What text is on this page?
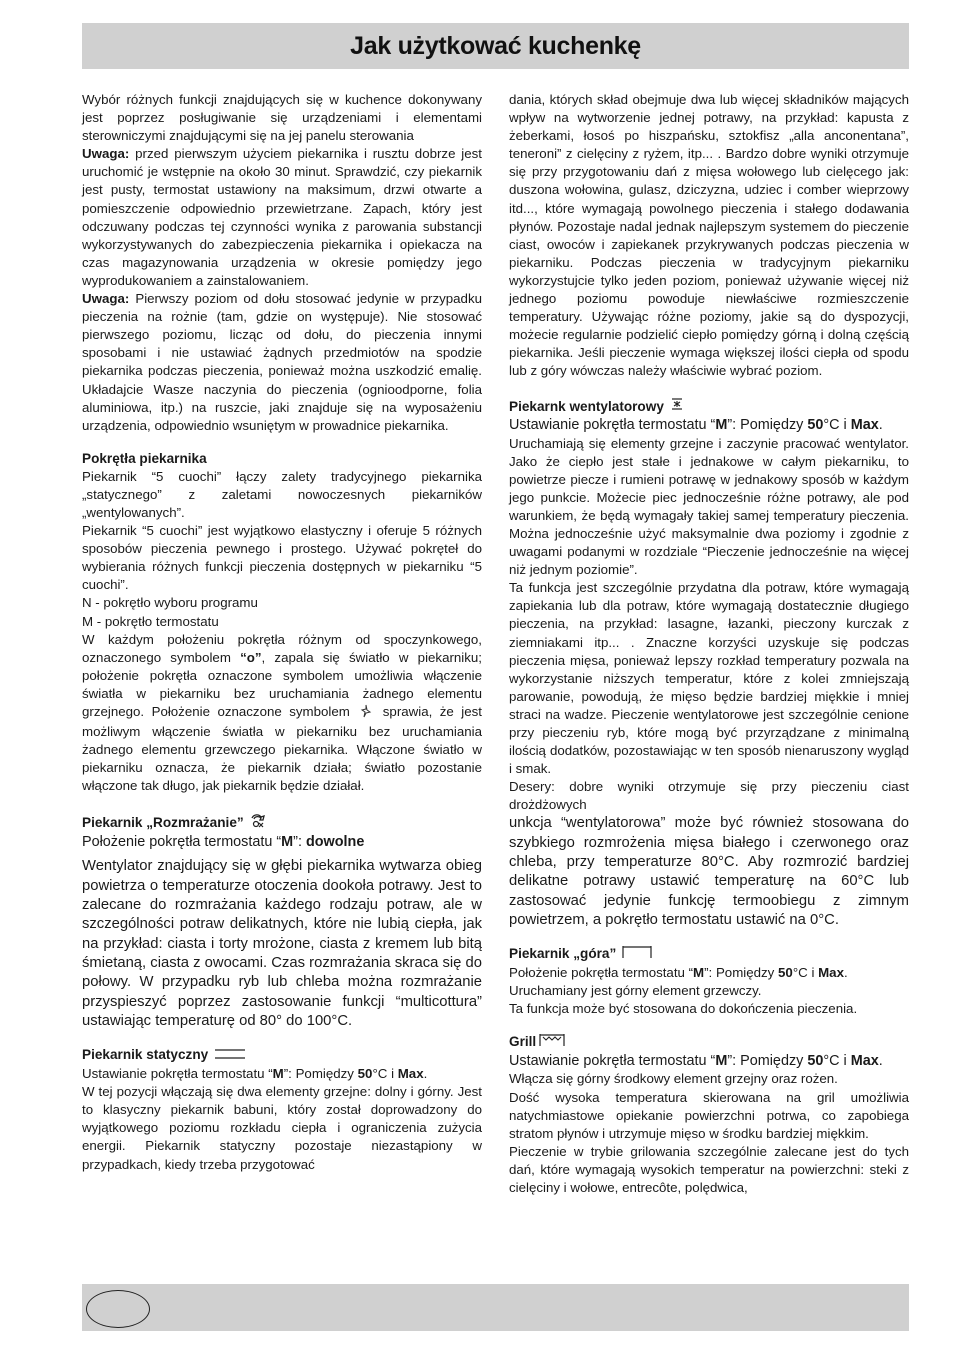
Jak użytkować kuchenkę

Wybór różnych funkcji znajdujących się w kuchence dokonywany jest poprzez posługiwanie się urządzeniami i elementami sterowniczymi znajdującymi się na jej panelu sterowania

Uwaga: przed pierwszym użyciem piekarnika i rusztu dobrze jest uruchomić je wstępnie na około 30 minut. Sprawdzić, czy piekarnik jest pusty, termostat ustawiony na maksimum, drzwi otwarte a pomieszczenie odpowiednio przewietrzane. Zapach, który jest odczuwany podczas tej czynności wynika z parowania substancji wykorzystywanych do zabezpieczenia piekarnika i opiekacza na czas magazynowania urządzenia w okresie pomiędzy jego wyprodukowaniem a zainstalowaniem.

Uwaga: Pierwszy poziom od dołu stosować jedynie w przypadku pieczenia na rożnie (tam, gdzie on występuje). Nie stosować pierwszego poziomu, licząc od dołu, do pieczenia innymi sposobami i nie ustawiać żądnych przedmiotów na spodzie piekarnika podczas pieczenia, ponieważ można uszkodzić emalię. Układajcie Wasze naczynia do pieczenia (ognioodporne, folia aluminiowa, itp.) na ruszcie, jaki znajduje się na wyposażeniu urządzenia, odpowiednio wsuniętym w prowadnice piekarnika.

Pokrętła piekarnika

Piekarnik “5 cuochi” łączy zalety tradycyjnego piekarnika „statycznego” z zaletami nowoczesnych piekarników „wentylowanych”.

Piekarnik “5 cuochi” jest wyjątkowo elastyczny i oferuje 5 różnych sposobów pieczenia pewnego i prostego. Używać pokręteł do wybierania różnych funkcji pieczenia dostępnych w piekarniku “5 cuochi”.

N - pokrętło wyboru programu

M - pokrętło termostatu

W każdym położeniu pokrętła różnym od spoczynkowego, oznaczonego symbolem “o”, zapala się światło w piekarniku; położenie pokrętła oznaczone symbolem umożliwia włączenie światła w piekarniku bez uruchamiania żadnego elementu grzejnego. Położenie oznaczone symbolem  sprawia, że jest możliwym włączenie światła w piekarniku bez uruchamiania żadnego elementu grzewczego piekarnika. Włączone światło w piekarniku oznacza, że piekarnik działa; światło pozostanie włączone tak długo, jak piekarnik będzie działał.

Piekarnik „Rozmrażanie”

Położenie pokrętła termostatu “M”: dowolne

Wentylator znajdujący się w głębi piekarnika wytwarza obieg powietrza o temperaturze otoczenia dookoła potrawy. Jest to zalecane do rozmrażania każdego rodzaju potraw, ale w szczególności potraw delikatnych, które nie lubią ciepła, jak na przykład: ciasta i torty mrożone, ciasta z kremem lub bitą śmietaną, ciasta z owocami. Czas rozmrażania skraca się do połowy. W przypadku ryb lub chleba można rozmrażanie przyspieszyć poprzez zastosowanie funkcji “multicottura” ustawiając temperaturę od 80° do 100°C.

Piekarnik statyczny

Ustawianie pokrętła termostatu “M”: Pomiędzy 50°C i Max.

W tej pozycji włączają się dwa elementy grzejne: dolny i górny. Jest to klasyczny piekarnik babuni, który został doprowadzony do wyjątkowego poziomu rozkładu ciepła i ograniczenia zużycia energii. Piekarnik statyczny pozostaje niezastąpiony w przypadkach, kiedy trzeba przygotować

dania, których skład obejmuje dwa lub więcej składników mających wpływ na wytworzenie jednej potrawy, na przykład: kapusta z żeberkami, łosoś po hiszpańsku, sztokfisz „alla anconentana”, teneroni” z cielęciny z ryżem, itp... . Bardzo dobre wyniki otrzymuje się przy przygotowaniu dań z mięsa wołowego lub cielęcego jak: duszona wołowina, gulasz, dziczyzna, udziec i comber wieprzowy itd..., które wymagają powolnego pieczenia i stałego dodawania płynów. Pozostaje nadal jednak najlepszym systemem do pieczenie ciast, owoców i zapiekanek przykrywanych podczas pieczenia w piekarniku. Podczas pieczenia w tradycyjnym piekarniku wykorzystujcie tylko jeden poziom, ponieważ używanie więcej niż jednego poziomu powoduje niewłaściwe rozmieszczenie temperatury. Używając różne poziomy, jakie są do dyspozycji, możecie regularnie podzielić ciepło pomiędzy górną i dolną częścią piekarnika. Jeśli pieczenie wymaga większej ilości ciepła od spodu lub z góry wówczas należy właściwie wybrać poziom.

Piekarnk wentylatorowy

Ustawianie pokrętła termostatu “M”: Pomiędzy 50°C i Max.

Uruchamiają się elementy grzejne i zaczynie pracować wentylator. Jako że ciepło jest stałe i jednakowe w całym piekarniku, to powietrze piecze i rumieni potrawę w jednakowy sposób w każdym jego punkcie. Możecie piec jednocześnie różne potrawy, ale pod warunkiem, że będą wymagały takiej samej temperatury pieczenia. Można jednocześnie użyć maksymalnie dwa poziomy i zgodnie z uwagami podanymi w rozdziale “Pieczenie jednocześnie na więcej niż jednym poziomie”.

Ta funkcja jest szczególnie przydatna dla potraw, które wymagają zapiekania lub dla potraw, które wymagają dostatecznie długiego pieczenia, na przykład: lasagne, łazanki, pieczony kurczak z ziemniakami itp... . Znaczne korzyści uzyskuje się podczas pieczenia mięsa, ponieważ lepszy rozkład temperatury pozwala na wykorzystanie niższych temperatur, które z kolei zmniejszają parowanie, powodują, że mięso będzie bardziej miękkie i mniej straci na wadze. Pieczenie wentylatorowe jest szczególnie cenione przy pieczeniu ryb, które mogą być przyrządzane z minimalną ilością dodatków, pozostawiając w ten sposób nienaruszony wygląd i smak.

Desery: dobre wyniki otrzymuje się przy pieczeniu ciast drożdżowych

unkcja “wentylatorowa” może być również stosowana do szybkiego rozmrożenia mięsa białego i czerwonego oraz chleba, przy temperaturze 80°C. Aby rozmrozić bardziej delikatne potrawy ustawić temperaturę na 60°C lub zastosować jedynie funkcję termoobiegu z zimnym powietrzem, a pokrętło termostatu ustawić na 0°C.

Piekarnik „góra”

Położenie pokrętła termostatu “M”: Pomiędzy 50°C i Max.

Uruchamiany jest górny element grzewczy.

Ta funkcja może być stosowana do dokończenia pieczenia.

Grill

Ustawianie pokrętła termostatu “M”: Pomiędzy 50°C i Max.

Włącza się górny środkowy element grzejny oraz rożen.

Dość wysoka temperatura skierowana na gril umożliwia natychmiastowe opiekanie powierzchni potrwa, co zapobiega stratom płynów i utrzymuje mięso w środku bardziej miękkim.

Pieczenie w trybie grilowania szczególnie zalecane jest do tych dań, które wymagają wysokich temperatur na powierzchni: steki z cielęciny i wołowe, entrecôte, polędwica,
